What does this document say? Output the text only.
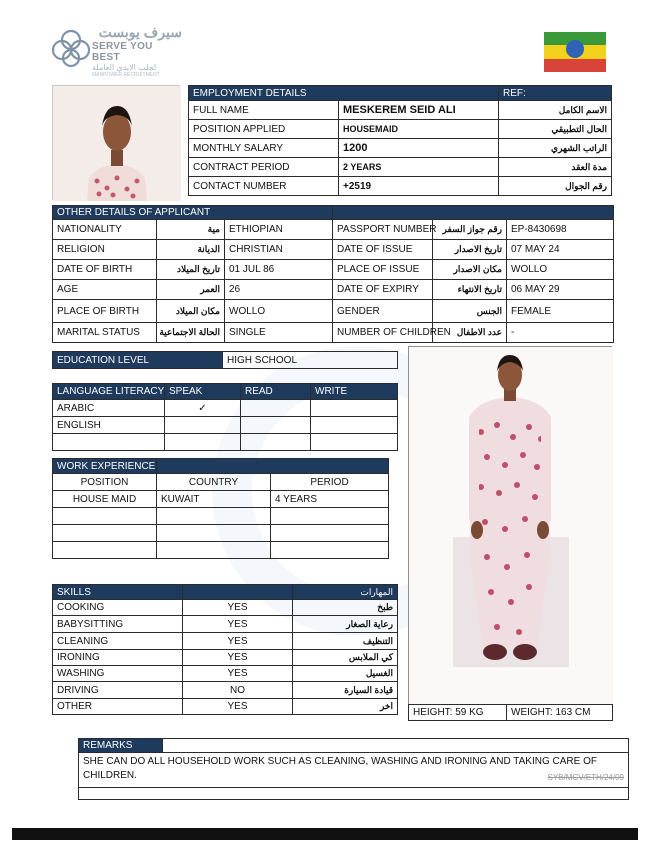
سيرف يوبست
SERVE YOU BEST
لجلب الايدي العاملة
MANPOWER RECRUITMENT
EMPLOYMENT DETAILS		REF:
FULL NAME	MESKEREM SEID ALI	الاسم الكامل
POSITION APPLIED	HOUSEMAID	الحال التطبيقي
MONTHLY SALARY	1200	الراتب الشهري
CONTRACT PERIOD	2 YEARS	مدة العقد
CONTACT NUMBER	+2519	رقم الجوال
OTHER DETAILS OF APPLICANT					
NATIONALITY	مية	ETHIOPIAN	PASSPORT NUMBER	رقم جواز السفر	EP-8430698
RELIGION	الديانة	CHRISTIAN	DATE OF ISSUE	تاريخ الاصدار	07 MAY 24
DATE OF BIRTH	تاريخ الميلاد	01 JUL 86	PLACE OF ISSUE	مكان الاصدار	WOLLO
AGE	العمر	26	DATE OF EXPIRY	تاريخ الانتهاء	06 MAY 29
PLACE OF BIRTH	مكان الميلاد	WOLLO	GENDER	الجنس	FEMALE
MARITAL STATUS	الحالة الاجتماعية	SINGLE	NUMBER OF CHILDREN	عدد الاطفال	-
EDUCATION LEVEL	HIGH SCHOOL
LANGUAGE LITERACY	SPEAK	READ	WRITE
ARABIC	✓		
ENGLISH			

WORK EXPERIENCE		
POSITION	COUNTRY	PERIOD
HOUSE MAID	KUWAIT	4 YEARS

SKILLS		المهارات
COOKING	YES	طبخ
BABYSITTING	YES	رعاية الصغار
CLEANING	YES	التنظيف
IRONING	YES	كي الملابس
WASHING	YES	الغسيل
DRIVING	NO	قيادة السيارة
OTHER	YES	اخر
HEIGHT: 59 KG	WEIGHT: 163 CM
REMARKS	
SHE CAN DO ALL HOUSEHOLD WORK SUCH AS CLEANING, WASHING AND IRONING AND TAKING CARE OF CHILDREN.	SYB/MCV/ETH/24/09
